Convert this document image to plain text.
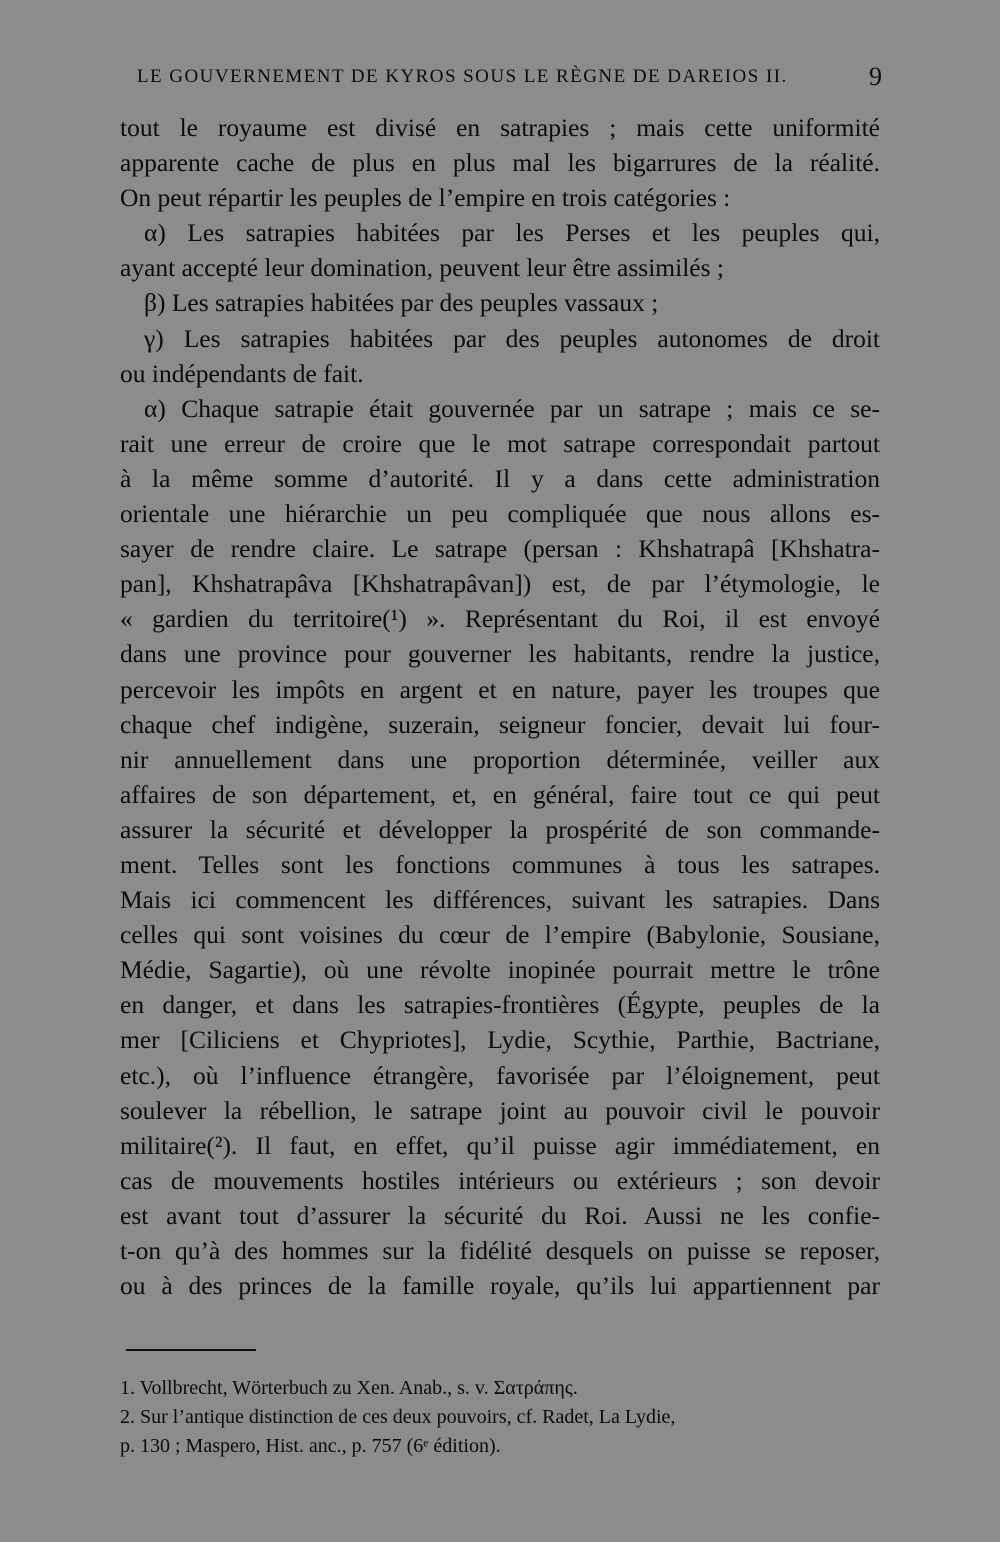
LE GOUVERNEMENT DE KYROS SOUS LE RÈGNE DE DAREIOS II.	9
tout le royaume est divisé en satrapies ; mais cette uniformité
apparente cache de plus en plus mal les bigarrures de la réalité.
On peut répartir les peuples de l’empire en trois catégories :
α) Les satrapies habitées par les Perses et les peuples qui,
ayant accepté leur domination, peuvent leur être assimilés ;
β) Les satrapies habitées par des peuples vassaux ;
γ) Les satrapies habitées par des peuples autonomes de droit
ou indépendants de fait.
α) Chaque satrapie était gouvernée par un satrape ; mais ce se-
rait une erreur de croire que le mot satrape correspondait partout
à la même somme d’autorité. Il y a dans cette administration
orientale une hiérarchie un peu compliquée que nous allons es-
sayer de rendre claire. Le satrape (persan : Khshatrapâ [Khshatra-
pan], Khshatrapâva [Khshatrapâvan]) est, de par l’étymologie, le
« gardien du territoire(¹) ». Représentant du Roi, il est envoyé
dans une province pour gouverner les habitants, rendre la justice,
percevoir les impôts en argent et en nature, payer les troupes que
chaque chef indigène, suzerain, seigneur foncier, devait lui four-
nir annuellement dans une proportion déterminée, veiller aux
affaires de son département, et, en général, faire tout ce qui peut
assurer la sécurité et développer la prospérité de son commande-
ment. Telles sont les fonctions communes à tous les satrapes.
Mais ici commencent les différences, suivant les satrapies. Dans
celles qui sont voisines du cœur de l’empire (Babylonie, Sousiane,
Médie, Sagartie), où une révolte inopinée pourrait mettre le trône
en danger, et dans les satrapies-frontières (Égypte, peuples de la
mer [Ciliciens et Chypriotes], Lydie, Scythie, Parthie, Bactriane,
etc.), où l’influence étrangère, favorisée par l’éloignement, peut
soulever la rébellion, le satrape joint au pouvoir civil le pouvoir
militaire(²). Il faut, en effet, qu’il puisse agir immédiatement, en
cas de mouvements hostiles intérieurs ou extérieurs ; son devoir
est avant tout d’assurer la sécurité du Roi. Aussi ne les confie-
t-on qu’à des hommes sur la fidélité desquels on puisse se reposer,
ou à des princes de la famille royale, qu’ils lui appartiennent par
1. Vollbrecht, Wörterbuch zu Xen. Anab., s. v. Σατράπης.
2. Sur l’antique distinction de ces deux pouvoirs, cf. Radet, La Lydie,
p. 130 ; Maspero, Hist. anc., p. 757 (6ᵉ édition).
